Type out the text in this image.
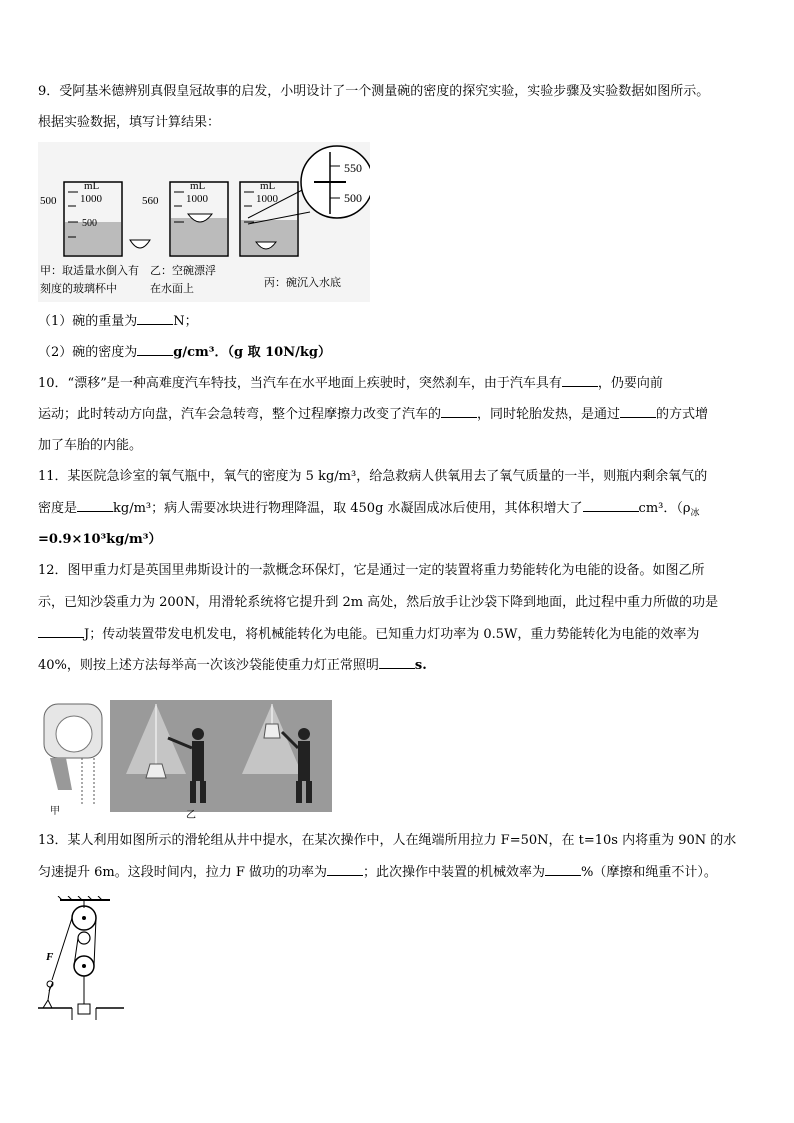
9．受阿基米德辨别真假皇冠故事的启发，小明设计了一个测量碗的密度的探究实验，实验步骤及实验数据如图所示。

根据实验数据，填写计算结果：

mL
1000
500
500
甲：取适量水倒入有
刻度的玻璃杯中
mL
1000
560
乙：空碗漂浮
在水面上
mL
1000
550
500
丙：碗沉入水底

（1）碗的重量为	N；

（2）碗的密度为	g/cm³．（g 取 10N/kg）

10．“漂移”是一种高难度汽车特技，当汽车在水平地面上疾驶时，突然刹车，由于汽车具有	，仍要向前

运动；此时转动方向盘，汽车会急转弯，整个过程摩擦力改变了汽车的	，同时轮胎发热，是通过	的方式增

加了车胎的内能。

11．某医院急诊室的氧气瓶中，氧气的密度为 5 kg/m³，给急救病人供氧用去了氧气质量的一半，则瓶内剩余氧气的

密度是	kg/m³；病人需要冰块进行物理降温，取 450g 水凝固成冰后使用，其体积增大了	cm³．（$\rho_冰$

=0.9×10³kg/m³）

12．图甲重力灯是英国里弗斯设计的一款概念环保灯，它是通过一定的装置将重力势能转化为电能的设备。如图乙所

示，已知沙袋重力为 200N，用滑轮系统将它提升到 2m 高处，然后放手让沙袋下降到地面，此过程中重力所做的功是

J；传动装置带发电机发电，将机械能转化为电能。已知重力灯功率为 0.5W，重力势能转化为电能的效率为

40%，则按上述方法每举高一次该沙袋能使重力灯正常照明	s.

甲	乙

13．某人利用如图所示的滑轮组从井中提水，在某次操作中，人在绳端所用拉力 F=50N，在 t=10s 内将重为 90N 的水

匀速提升 6m。这段时间内，拉力 F 做功的功率为	；此次操作中装置的机械效率为	%（摩擦和绳重不计）。

F
